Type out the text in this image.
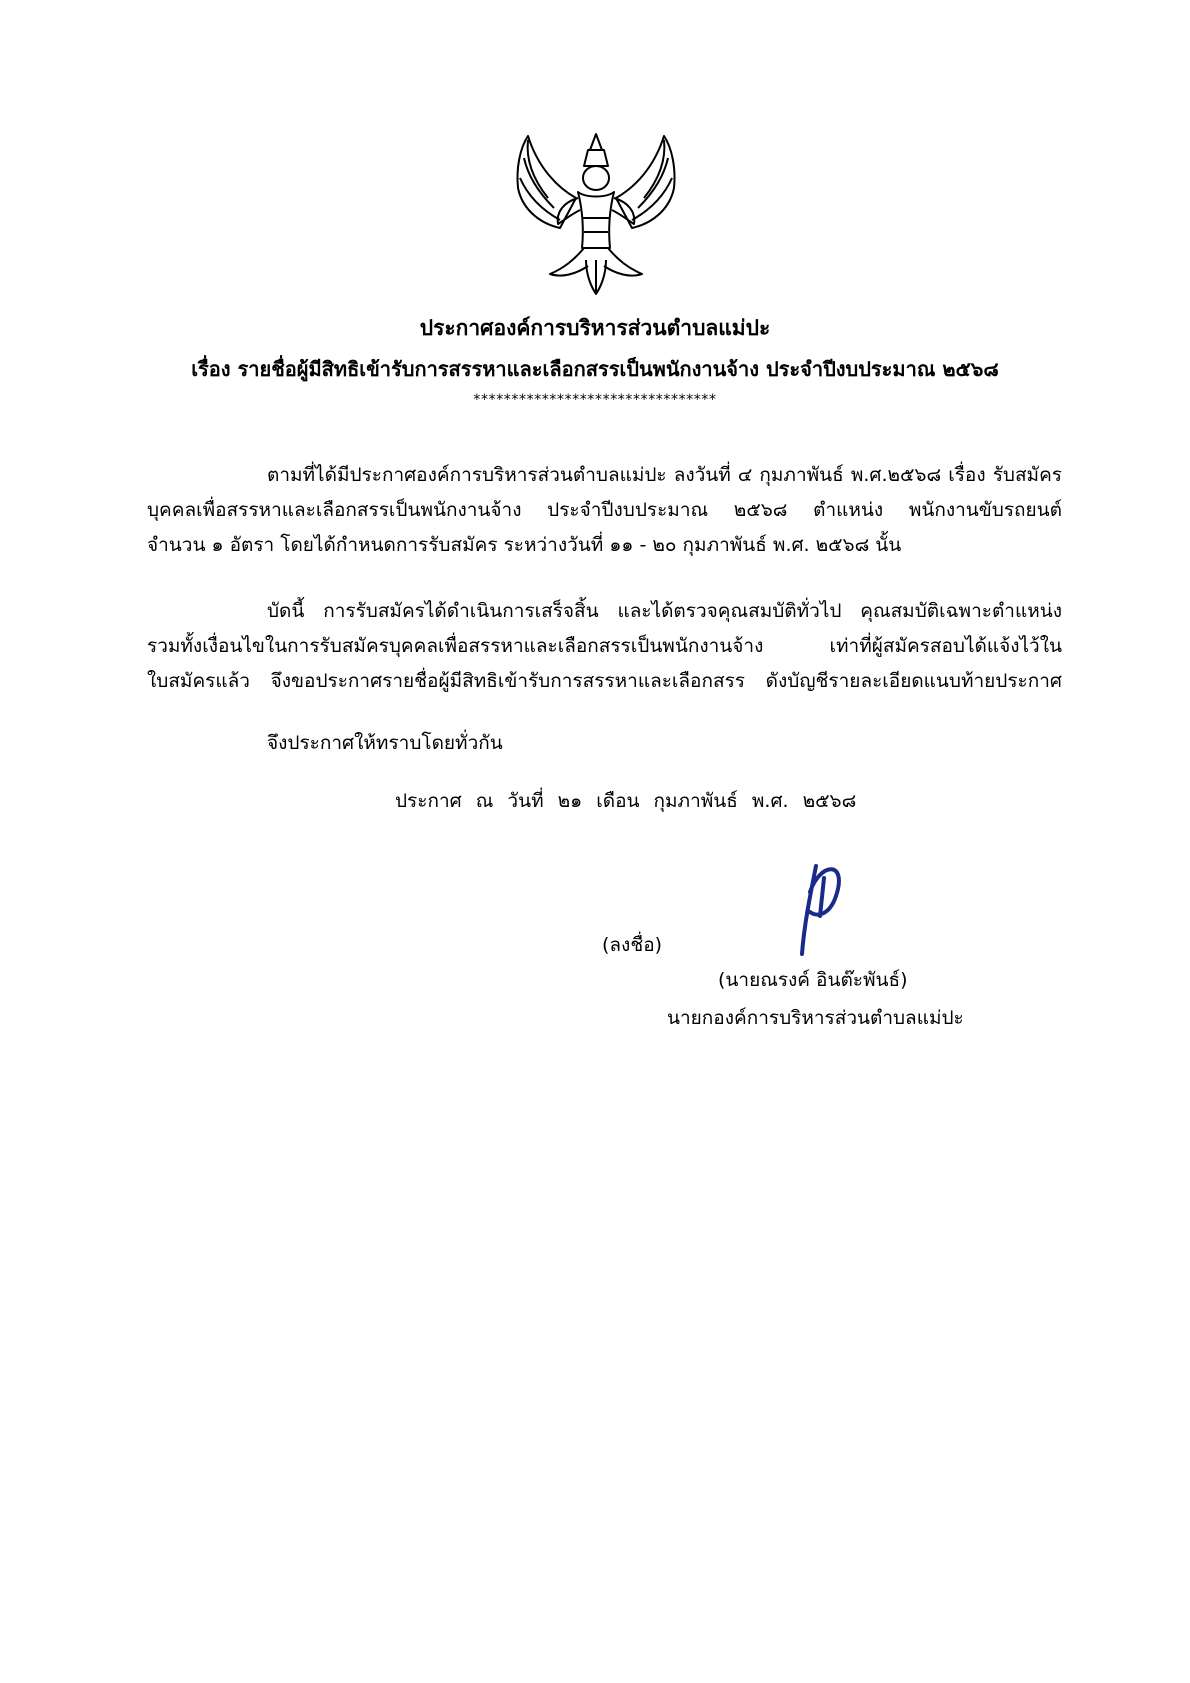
ประกาศองค์การบริหารส่วนตำบลแม่ปะ
เรื่อง รายชื่อผู้มีสิทธิเข้ารับการสรรหาและเลือกสรรเป็นพนักงานจ้าง ประจำปีงบประมาณ ๒๕๖๘
********************************
ตามที่ได้มีประกาศองค์การบริหารส่วนตำบลแม่ปะ ลงวันที่ ๔ กุมภาพันธ์ พ.ศ.๒๕๖๘ เรื่อง รับสมัคร
บุคคลเพื่อสรรหาและเลือกสรรเป็นพนักงานจ้าง ประจำปีงบประมาณ ๒๕๖๘ ตำแหน่ง พนักงานขับรถยนต์
จำนวน ๑ อัตรา โดยได้กำหนดการรับสมัคร ระหว่างวันที่ ๑๑ - ๒๐ กุมภาพันธ์ พ.ศ. ๒๕๖๘ นั้น
บัดนี้ การรับสมัครได้ดำเนินการเสร็จสิ้น และได้ตรวจคุณสมบัติทั่วไป คุณสมบัติเฉพาะตำแหน่ง
รวมทั้งเงื่อนไขในการรับสมัครบุคคลเพื่อสรรหาและเลือกสรรเป็นพนักงานจ้าง เท่าที่ผู้สมัครสอบได้แจ้งไว้ใน
ใบสมัครแล้ว จึงขอประกาศรายชื่อผู้มีสิทธิเข้ารับการสรรหาและเลือกสรร ดังบัญชีรายละเอียดแนบท้ายประกาศ
จึงประกาศให้ทราบโดยทั่วกัน
ประกาศ ณ วันที่ ๒๑ เดือน กุมภาพันธ์ พ.ศ. ๒๕๖๘
(ลงชื่อ)
(นายณรงค์ อินต๊ะพันธ์)
นายกองค์การบริหารส่วนตำบลแม่ปะ
